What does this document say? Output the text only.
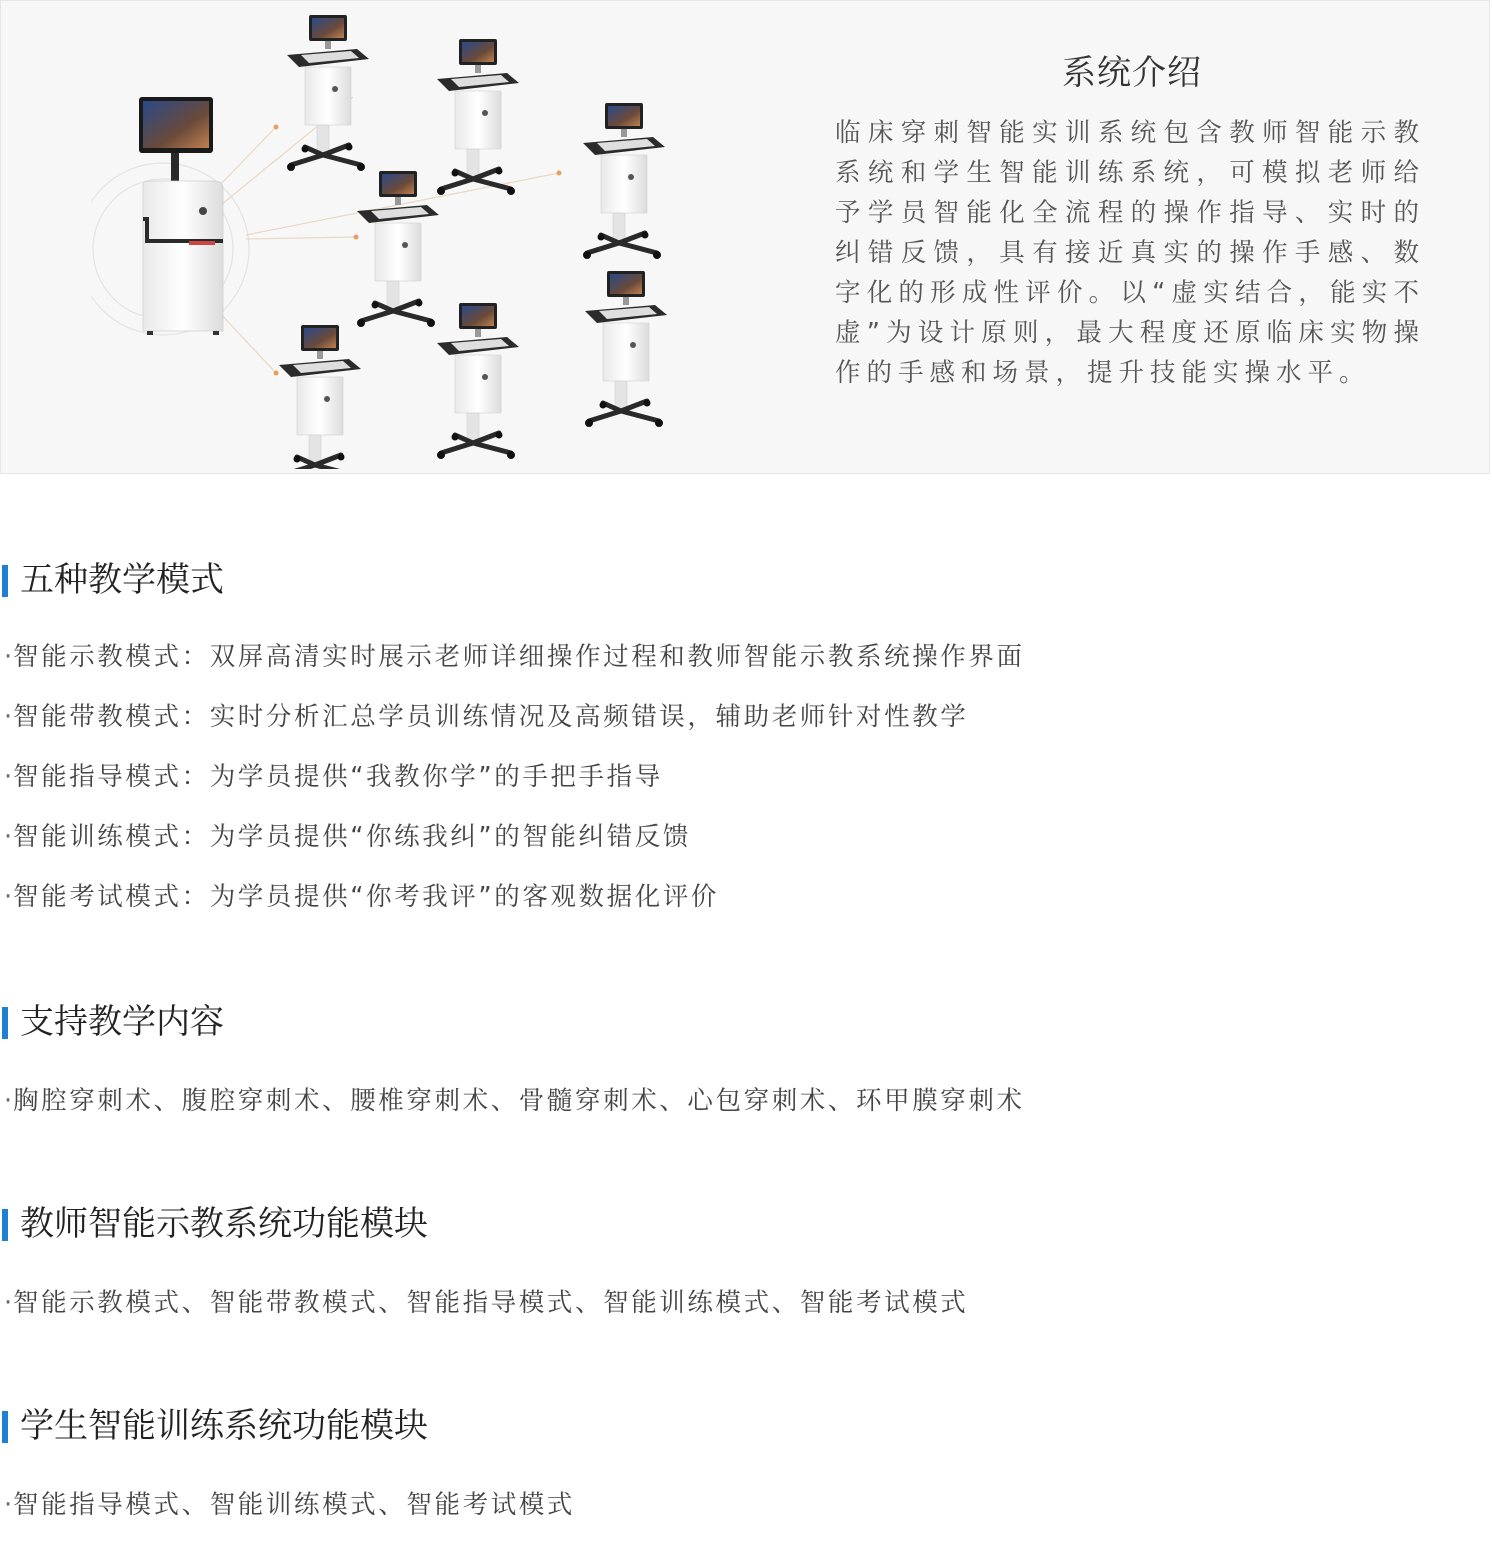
系统介绍
临床穿刺智能实训系统包含教师智能示教系统和学生智能训练系统，可模拟老师给予学员智能化全流程的操作指导、实时的纠错反馈，具有接近真实的操作手感、数字化的形成性评价。以“虚实结合，能实不虚”为设计原则，最大程度还原临床实物操作的手感和场景，提升技能实操水平。
五种教学模式
·智能示教模式：双屏高清实时展示老师详细操作过程和教师智能示教系统操作界面
·智能带教模式：实时分析汇总学员训练情况及高频错误，辅助老师针对性教学
·智能指导模式：为学员提供“我教你学”的手把手指导
·智能训练模式：为学员提供“你练我纠”的智能纠错反馈
·智能考试模式：为学员提供“你考我评”的客观数据化评价
支持教学内容
·胸腔穿刺术、腹腔穿刺术、腰椎穿刺术、骨髓穿刺术、心包穿刺术、环甲膜穿刺术
教师智能示教系统功能模块
·智能示教模式、智能带教模式、智能指导模式、智能训练模式、智能考试模式
学生智能训练系统功能模块
·智能指导模式、智能训练模式、智能考试模式
